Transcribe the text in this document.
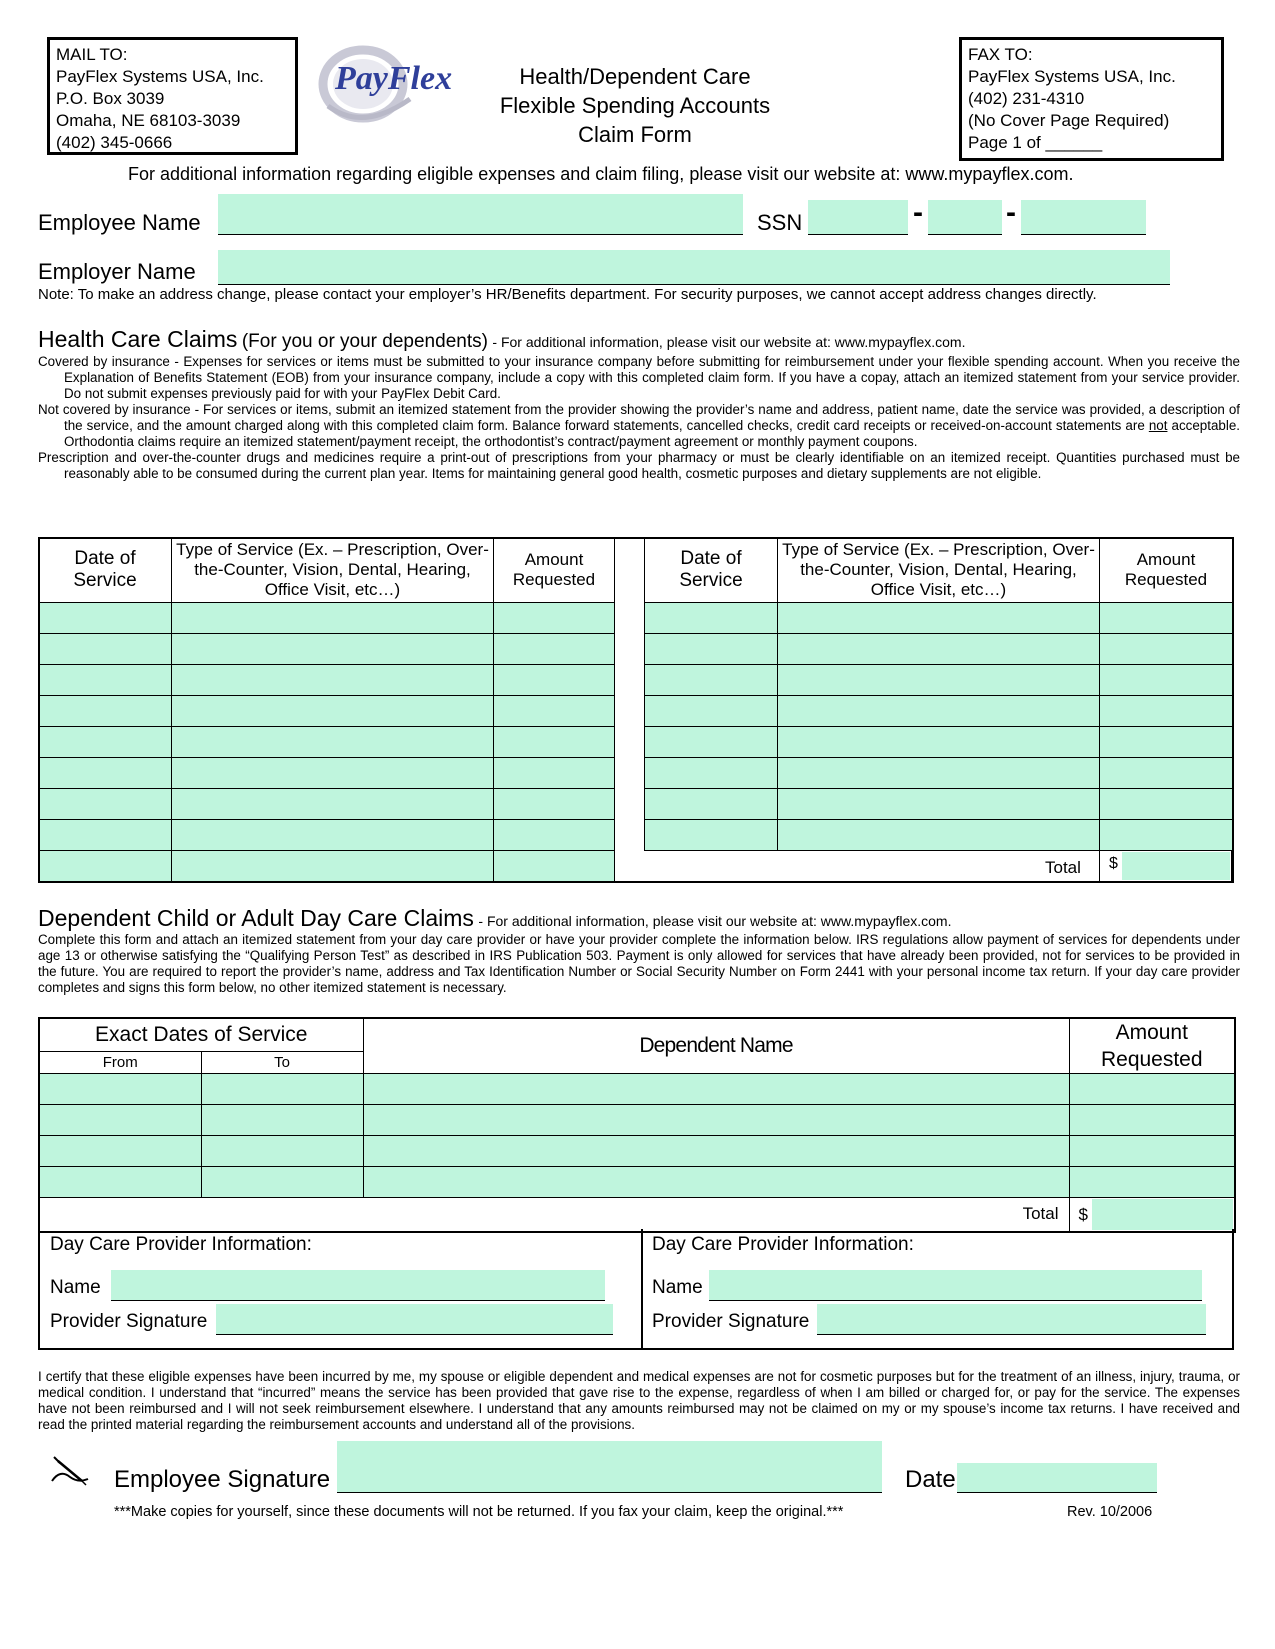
MAIL TO:
PayFlex Systems USA, Inc.
P.O. Box 3039
Omaha, NE 68103-3039
(402) 345-0666
PayFlex	Health/Dependent Care
Flexible Spending Accounts
Claim Form
FAX TO:
PayFlex Systems USA, Inc.
(402) 231-4310
(No Cover Page Required)
Page 1 of ______
For additional information regarding eligible expenses and claim filing, please visit our website at: www.mypayflex.com.
Employee Name	SSN	-	-
Employer Name
Note: To make an address change, please contact your employer’s HR/Benefits department. For security purposes, we cannot accept address changes directly.
Health Care Claims (For you or your dependents) - For additional information, please visit our website at: www.mypayflex.com.
Covered by insurance - Expenses for services or items must be submitted to your insurance company before submitting for reimbursement under your flexible spending account. When you receive the Explanation of Benefits Statement (EOB) from your insurance company, include a copy with this completed claim form. If you have a copay, attach an itemized statement from your service provider. Do not submit expenses previously paid for with your PayFlex Debit Card.
Not covered by insurance - For services or items, submit an itemized statement from the provider showing the provider’s name and address, patient name, date the service was provided, a description of the service, and the amount charged along with this completed claim form. Balance forward statements, cancelled checks, credit card receipts or received-on-account statements are not acceptable. Orthodontia claims require an itemized statement/payment receipt, the orthodontist’s contract/payment agreement or monthly payment coupons.
Prescription and over-the-counter drugs and medicines require a print-out of prescriptions from your pharmacy or must be clearly identifiable on an itemized receipt. Quantities purchased must be reasonably able to be consumed during the current plan year. Items for maintaining general good health, cosmetic purposes and dietary supplements are not eligible.
Date of Service	Type of Service (Ex. – Prescription, Over-the-Counter, Vision, Dental, Hearing, Office Visit, etc…)	Amount Requested

Date of Service	Type of Service (Ex. – Prescription, Over-the-Counter, Vision, Dental, Hearing, Office Visit, etc…)	Amount Requested

Total $
Dependent Child or Adult Day Care Claims - For additional information, please visit our website at: www.mypayflex.com.
Complete this form and attach an itemized statement from your day care provider or have your provider complete the information below. IRS regulations allow payment of services for dependents under age 13 or otherwise satisfying the “Qualifying Person Test” as described in IRS Publication 503. Payment is only allowed for services that have already been provided, not for services to be provided in the future. You are required to report the provider’s name, address and Tax Identification Number or Social Security Number on Form 2441 with your personal income tax return. If your day care provider completes and signs this form below, no other itemized statement is necessary.
Exact Dates of Service		Dependent Name	Amount Requested
From	To		

Total			$
Day Care Provider Information:
Name
Provider Signature
Day Care Provider Information:
Name
Provider Signature
I certify that these eligible expenses have been incurred by me, my spouse or eligible dependent and medical expenses are not for cosmetic purposes but for the treatment of an illness, injury, trauma, or medical condition. I understand that “incurred” means the service has been provided that gave rise to the expense, regardless of when I am billed or charged for, or pay for the service. The expenses have not been reimbursed and I will not seek reimbursement elsewhere. I understand that any amounts reimbursed may not be claimed on my or my spouse’s income tax returns. I have received and read the printed material regarding the reimbursement accounts and understand all of the provisions.
Employee Signature	Date
***Make copies for yourself, since these documents will not be returned. If you fax your claim, keep the original.***	Rev. 10/2006
